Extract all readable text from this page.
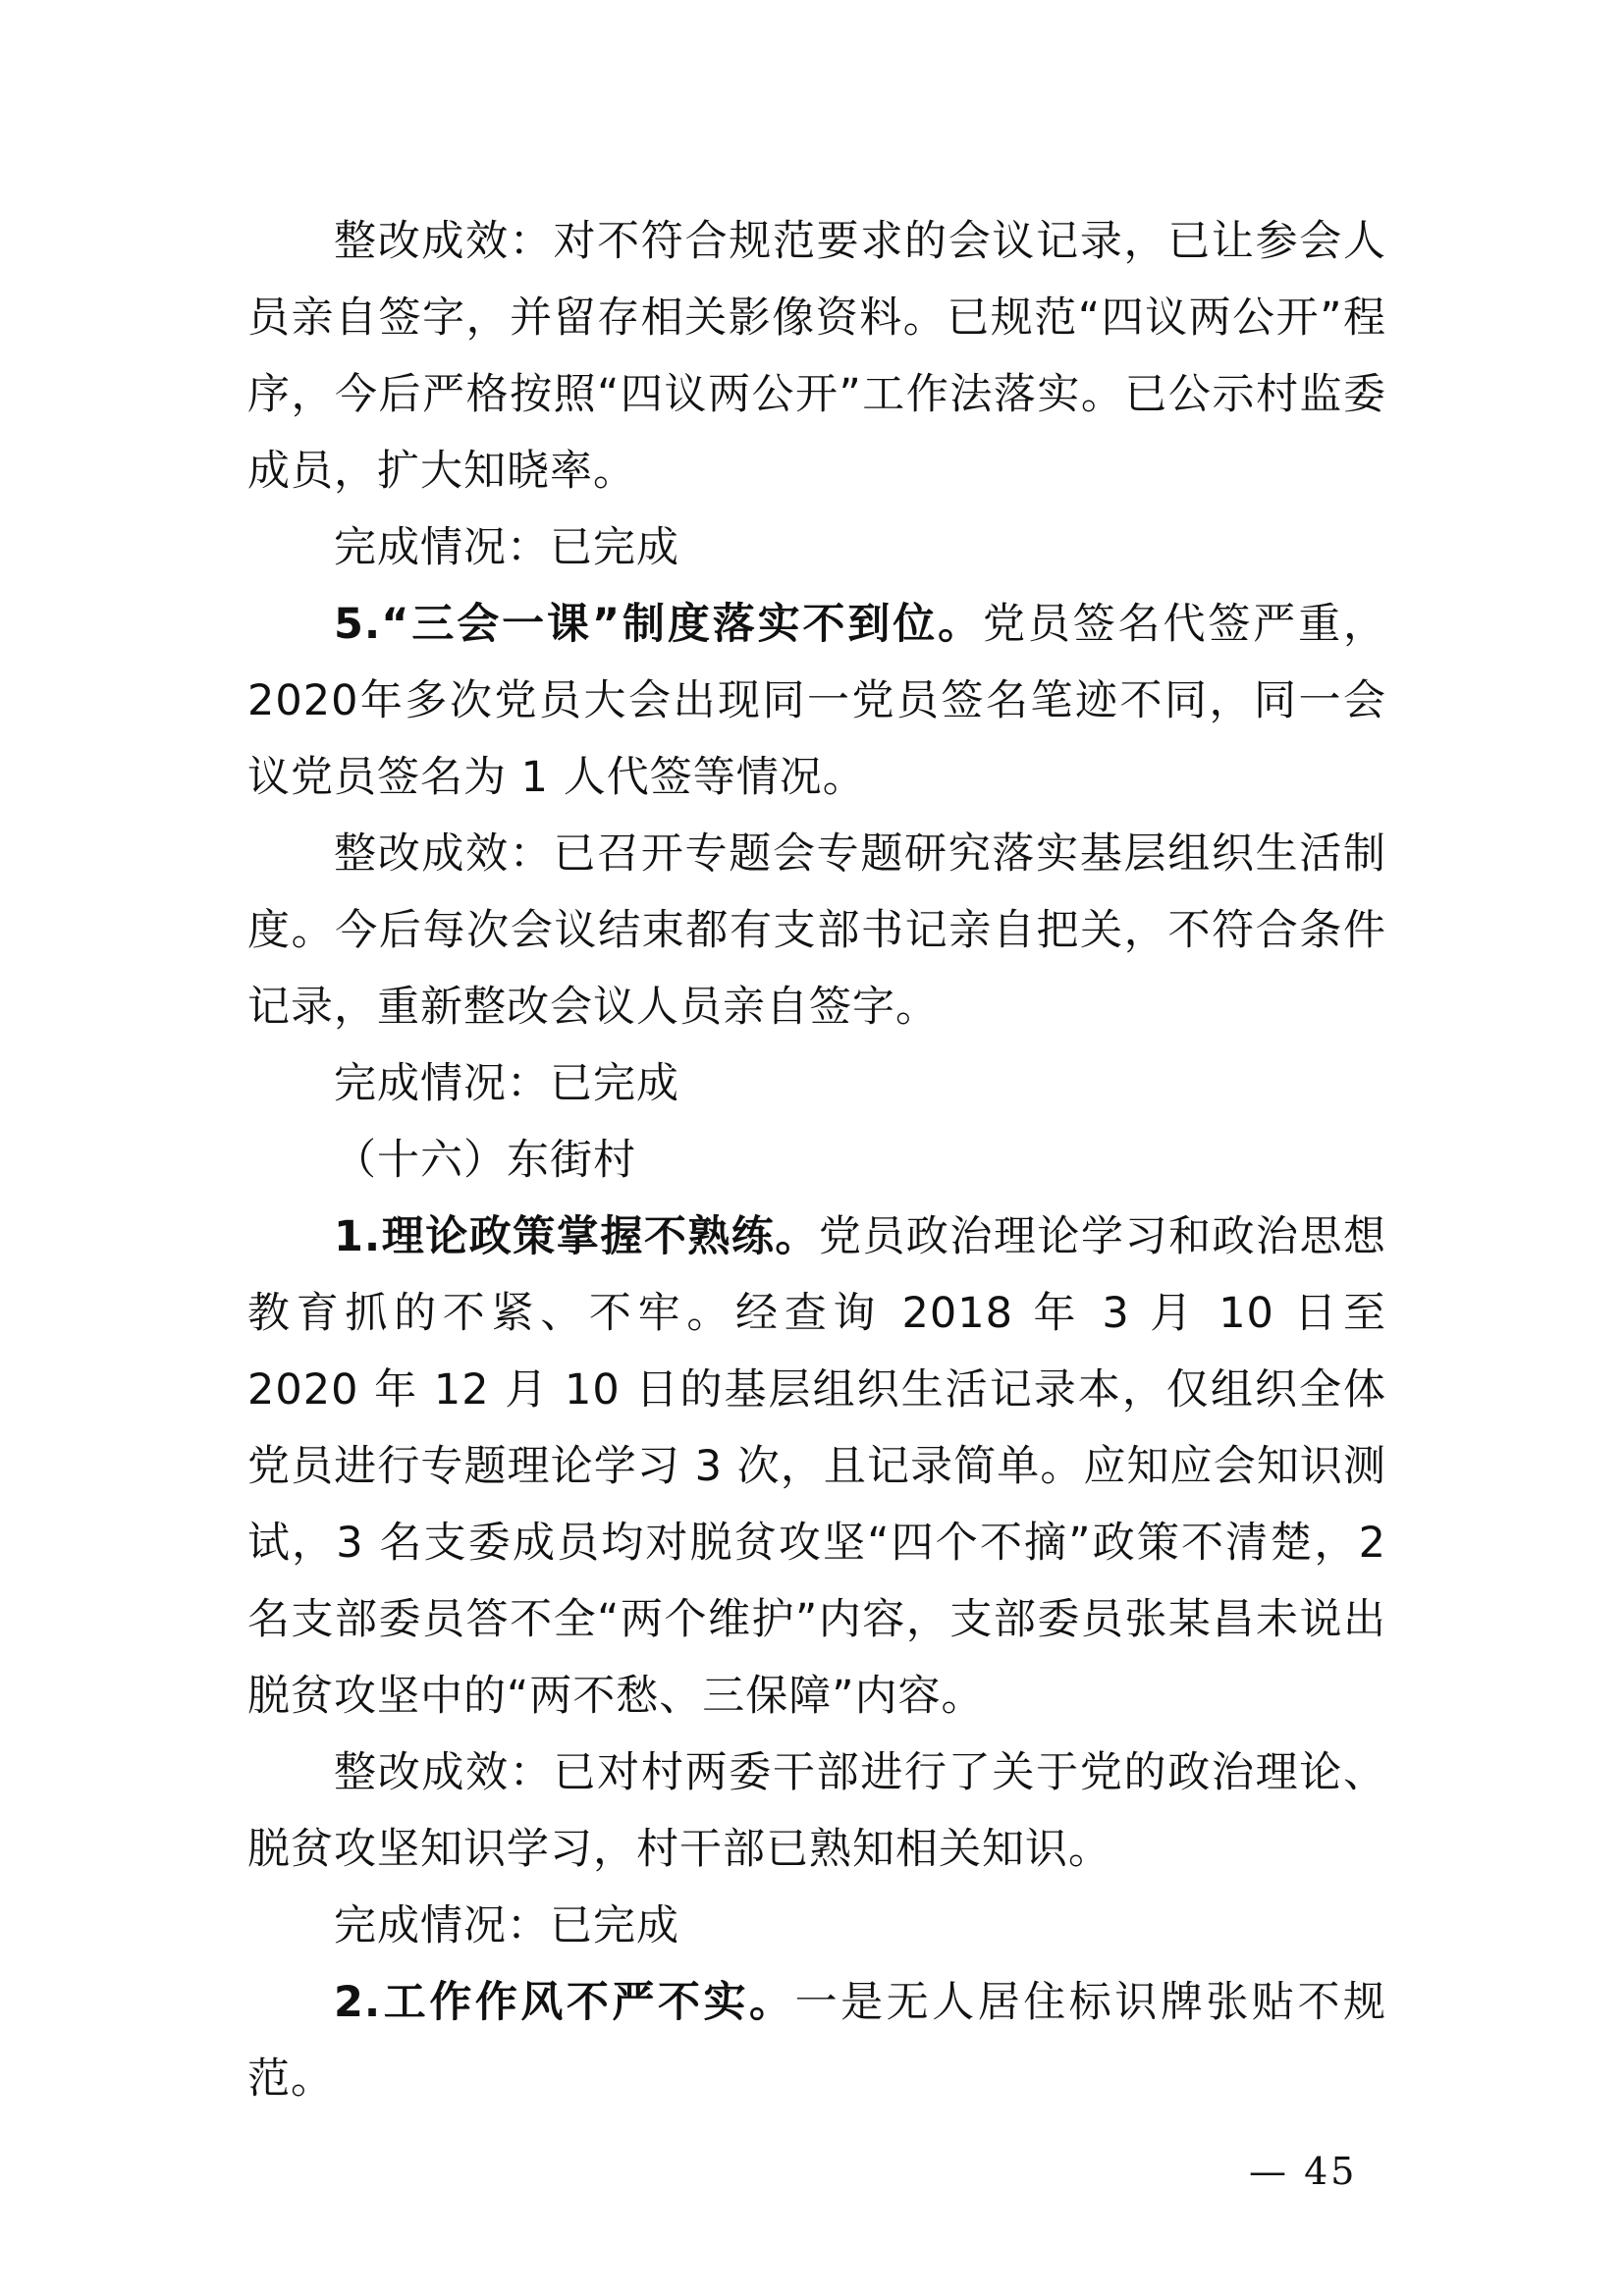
整改成效：对不符合规范要求的会议记录，已让参会人员亲自签字，并留存相关影像资料。已规范“四议两公开”程序，今后严格按照“四议两公开”工作法落实。已公示村监委成员，扩大知晓率。

完成情况：已完成

5.“三会一课”制度落实不到位。党员签名代签严重，2020年多次党员大会出现同一党员签名笔迹不同，同一会议党员签名为 1 人代签等情况。

整改成效：已召开专题会专题研究落实基层组织生活制度。今后每次会议结束都有支部书记亲自把关，不符合条件记录，重新整改会议人员亲自签字。

完成情况：已完成

（十六）东街村

1.理论政策掌握不熟练。党员政治理论学习和政治思想教育抓的不紧、不牢。经查询 2018 年 3 月 10 日至 2020 年 12 月 10 日的基层组织生活记录本，仅组织全体党员进行专题理论学习 3 次，且记录简单。应知应会知识测试，3 名支委成员均对脱贫攻坚“四个不摘”政策不清楚，2 名支部委员答不全“两个维护”内容，支部委员张某昌未说出脱贫攻坚中的“两不愁、三保障”内容。

整改成效：已对村两委干部进行了关于党的政治理论、脱贫攻坚知识学习，村干部已熟知相关知识。

完成情况：已完成

2.工作作风不严不实。一是无人居住标识牌张贴不规范。

— 45
